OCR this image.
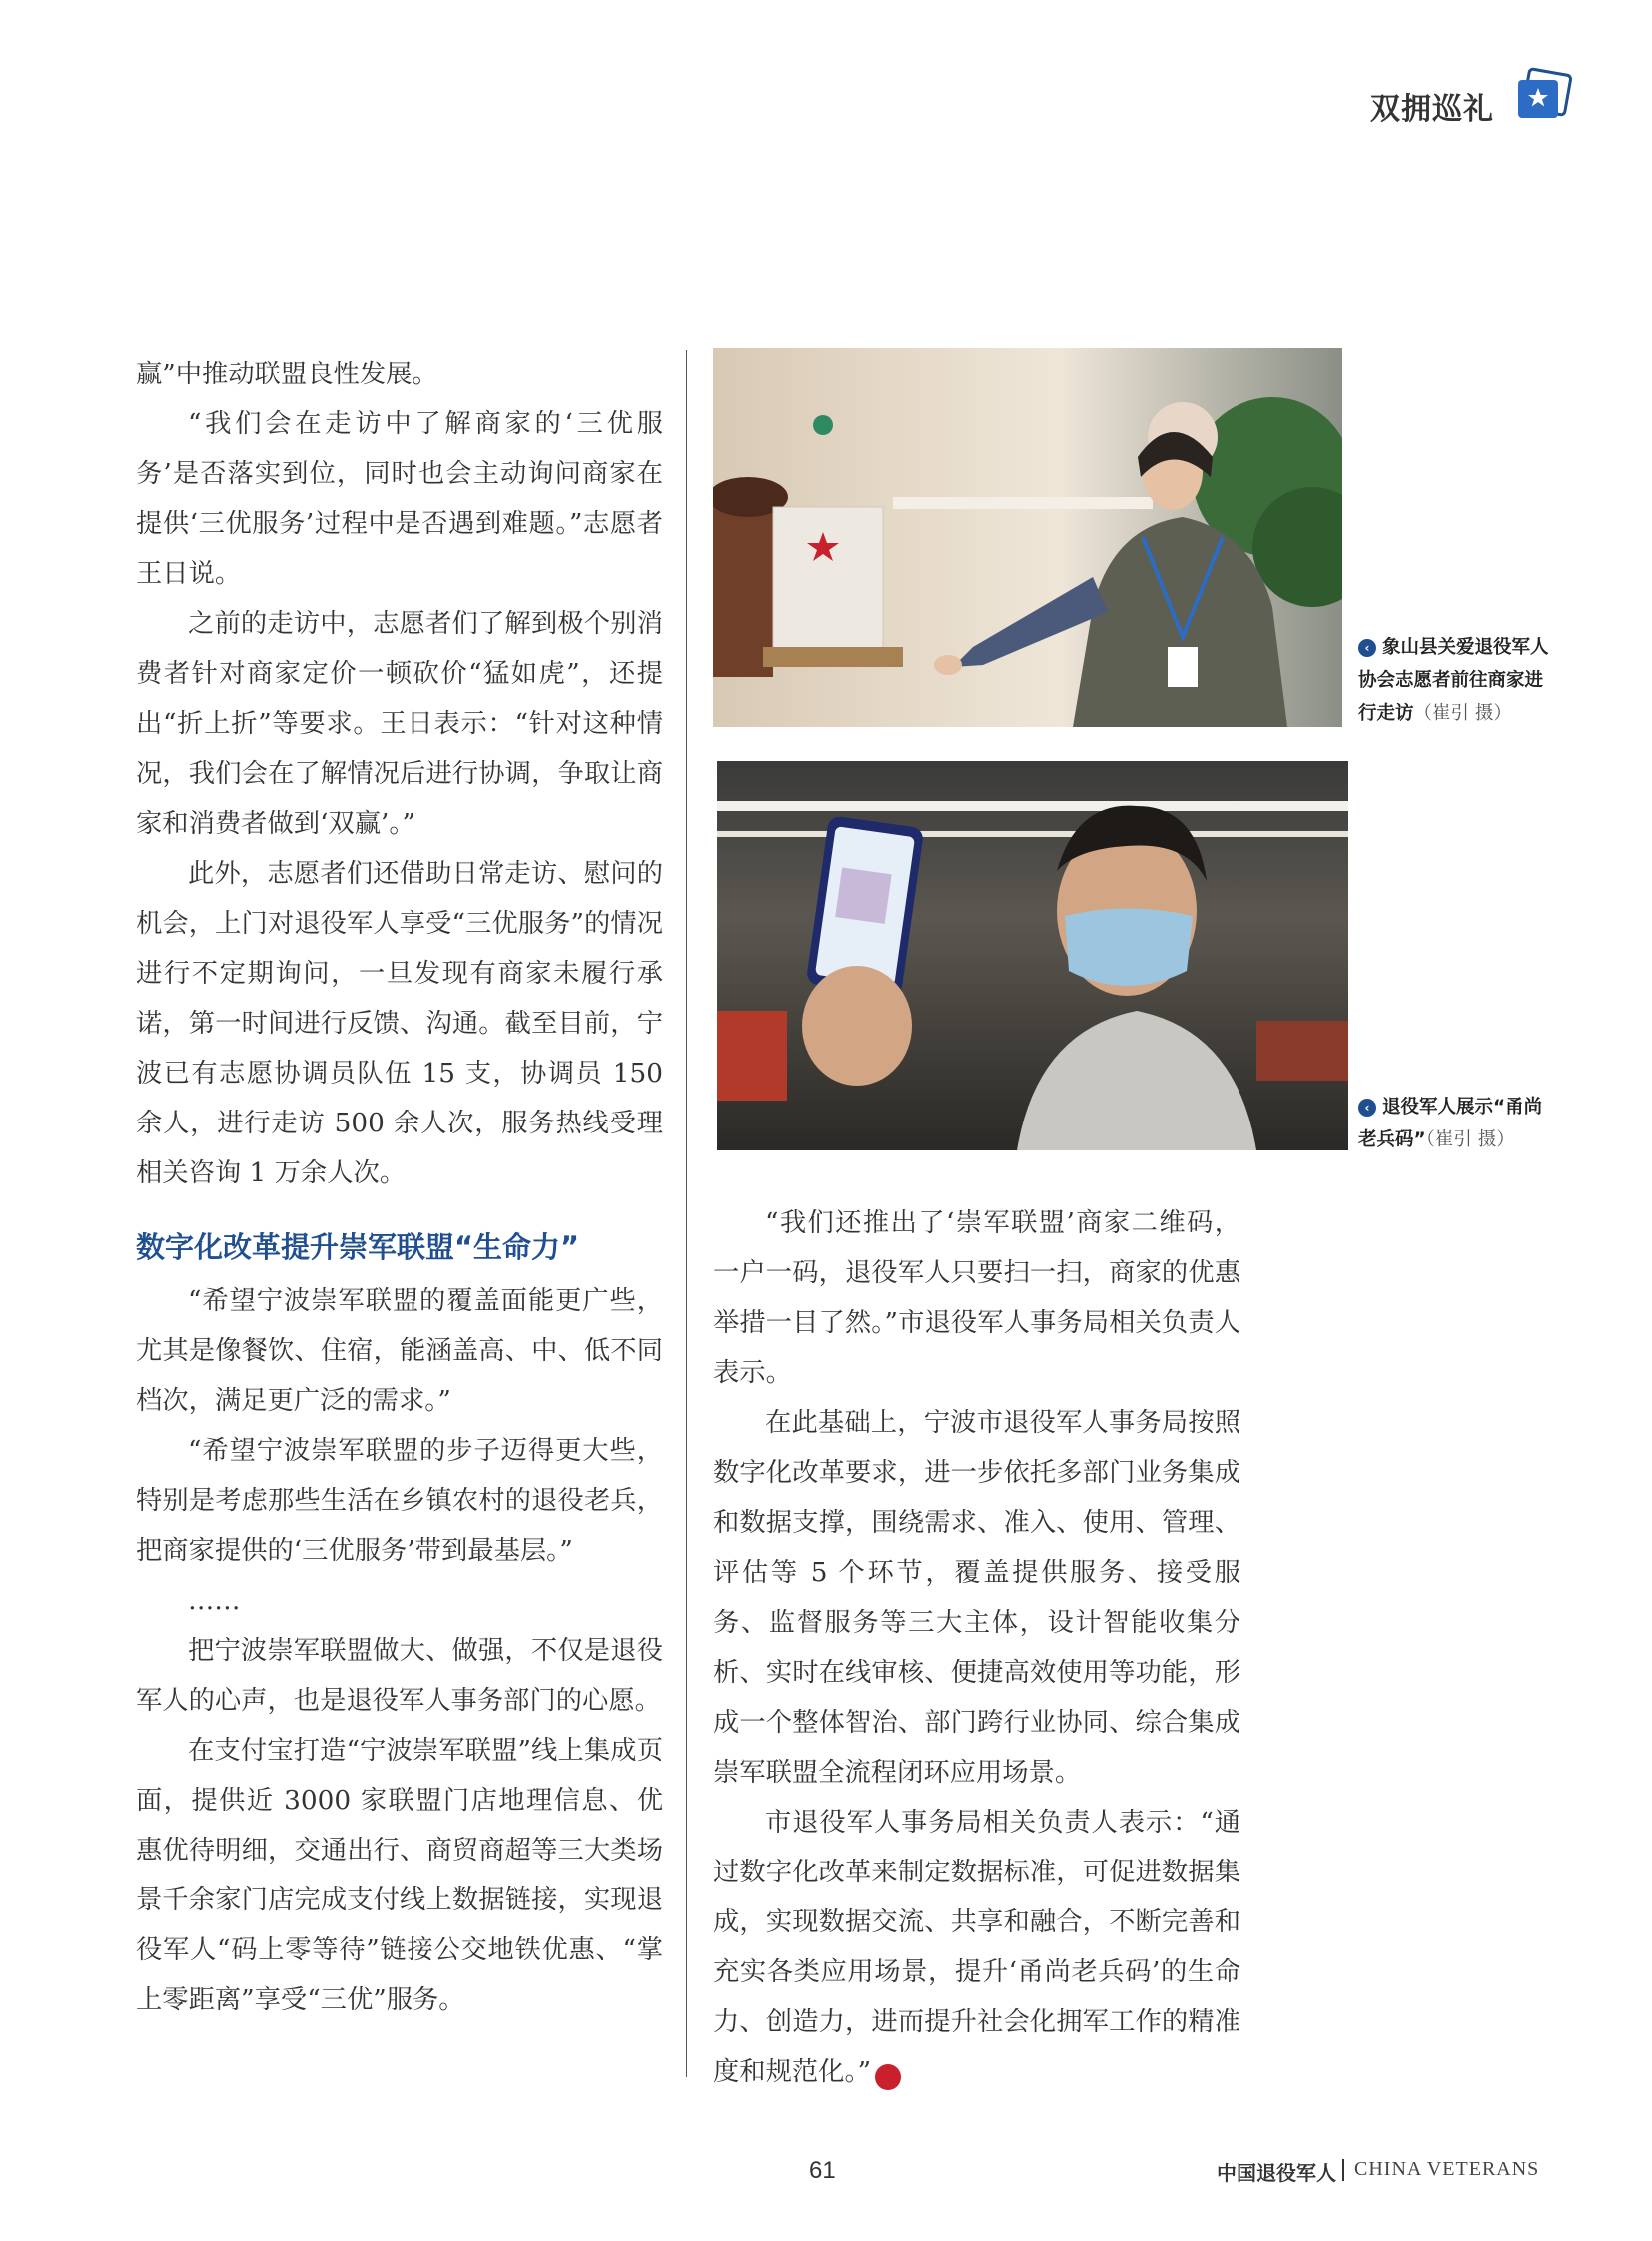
双拥巡礼

赢”中推动联盟良性发展。

“我们会在走访中了解商家的‘三优服务’是否落实到位，同时也会主动询问商家在提供‘三优服务’过程中是否遇到难题。”志愿者王日说。

之前的走访中，志愿者们了解到极个别消费者针对商家定价一顿砍价“猛如虎”，还提出“折上折”等要求。王日表示：“针对这种情况，我们会在了解情况后进行协调，争取让商家和消费者做到‘双赢’。”

此外，志愿者们还借助日常走访、慰问的机会，上门对退役军人享受“三优服务”的情况进行不定期询问，一旦发现有商家未履行承诺，第一时间进行反馈、沟通。截至目前，宁波已有志愿协调员队伍 15 支，协调员 150 余人，进行走访 500 余人次，服务热线受理相关咨询 1 万余人次。

数字化改革提升崇军联盟“生命力”

“希望宁波崇军联盟的覆盖面能更广些，尤其是像餐饮、住宿，能涵盖高、中、低不同档次，满足更广泛的需求。”

“希望宁波崇军联盟的步子迈得更大些，特别是考虑那些生活在乡镇农村的退役老兵，把商家提供的‘三优服务’带到最基层。”

……

把宁波崇军联盟做大、做强，不仅是退役军人的心声，也是退役军人事务部门的心愿。

在支付宝打造“宁波崇军联盟”线上集成页面，提供近 3000 家联盟门店地理信息、优惠优待明细，交通出行、商贸商超等三大类场景千余家门店完成支付线上数据链接，实现退役军人“码上零等待”链接公交地铁优惠、“掌上零距离”享受“三优”服务。

‹ 象山县关爱退役军人协会志愿者前往商家进行走访（崔引 摄）
‹ 退役军人展示“甬尚老兵码”（崔引 摄）

“我们还推出了‘崇军联盟’商家二维码，一户一码，退役军人只要扫一扫，商家的优惠举措一目了然。”市退役军人事务局相关负责人表示。

在此基础上，宁波市退役军人事务局按照数字化改革要求，进一步依托多部门业务集成和数据支撑，围绕需求、准入、使用、管理、评估等 5 个环节，覆盖提供服务、接受服务、监督服务等三大主体，设计智能收集分析、实时在线审核、便捷高效使用等功能，形成一个整体智治、部门跨行业协同、综合集成崇军联盟全流程闭环应用场景。

市退役军人事务局相关负责人表示：“通过数字化改革来制定数据标准，可促进数据集成，实现数据交流、共享和融合，不断完善和充实各类应用场景，提升‘甬尚老兵码’的生命力、创造力，进而提升社会化拥军工作的精准度和规范化。”	V

61	中国退役军人 CHINA VETERANS
